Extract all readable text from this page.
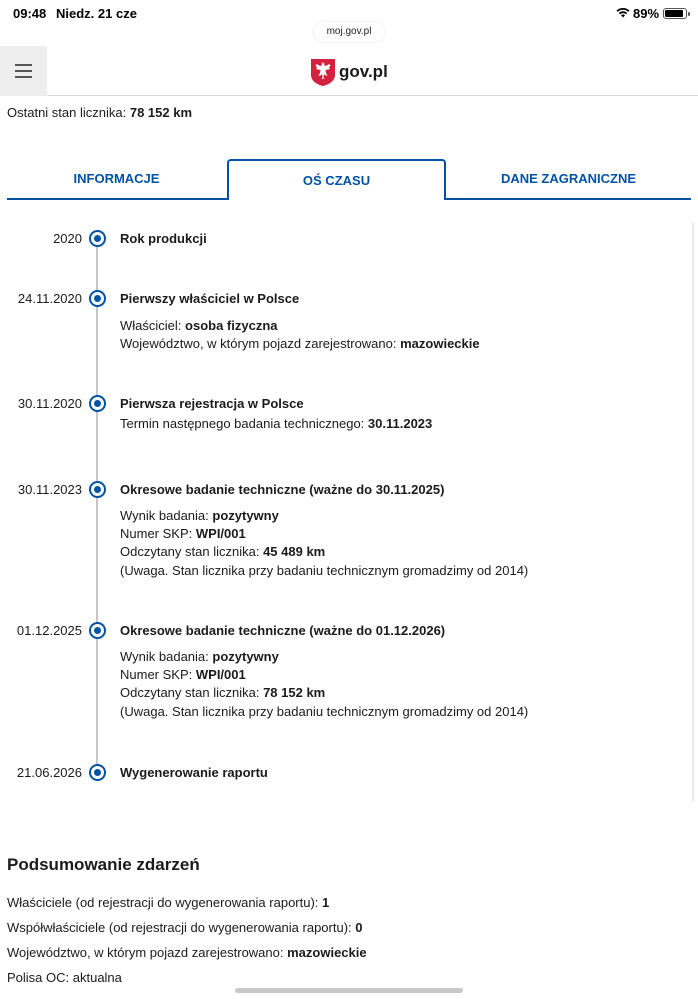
09:48 Niedz. 21 cze	89%
moj.gov.pl
gov.pl
Ostatni stan licznika: 78 152 km
INFORMACJE	OŚ CZASU	DANE ZAGRANICZNE
2020	Rok produkcji
24.11.2020	Pierwszy właściciel w Polsce
Właściciel: osoba fizyczna
Województwo, w którym pojazd zarejestrowano: mazowieckie
30.11.2020	Pierwsza rejestracja w Polsce
Termin następnego badania technicznego: 30.11.2023
30.11.2023	Okresowe badanie techniczne (ważne do 30.11.2025)
Wynik badania: pozytywny
Numer SKP: WPI/001
Odczytany stan licznika: 45 489 km
(Uwaga. Stan licznika przy badaniu technicznym gromadzimy od 2014)
01.12.2025	Okresowe badanie techniczne (ważne do 01.12.2026)
Wynik badania: pozytywny
Numer SKP: WPI/001
Odczytany stan licznika: 78 152 km
(Uwaga. Stan licznika przy badaniu technicznym gromadzimy od 2014)
21.06.2026	Wygenerowanie raportu
Podsumowanie zdarzeń
Właściciele (od rejestracji do wygenerowania raportu): 1
Współwłaściciele (od rejestracji do wygenerowania raportu): 0
Województwo, w którym pojazd zarejestrowano: mazowieckie
Polisa OC: aktualna
